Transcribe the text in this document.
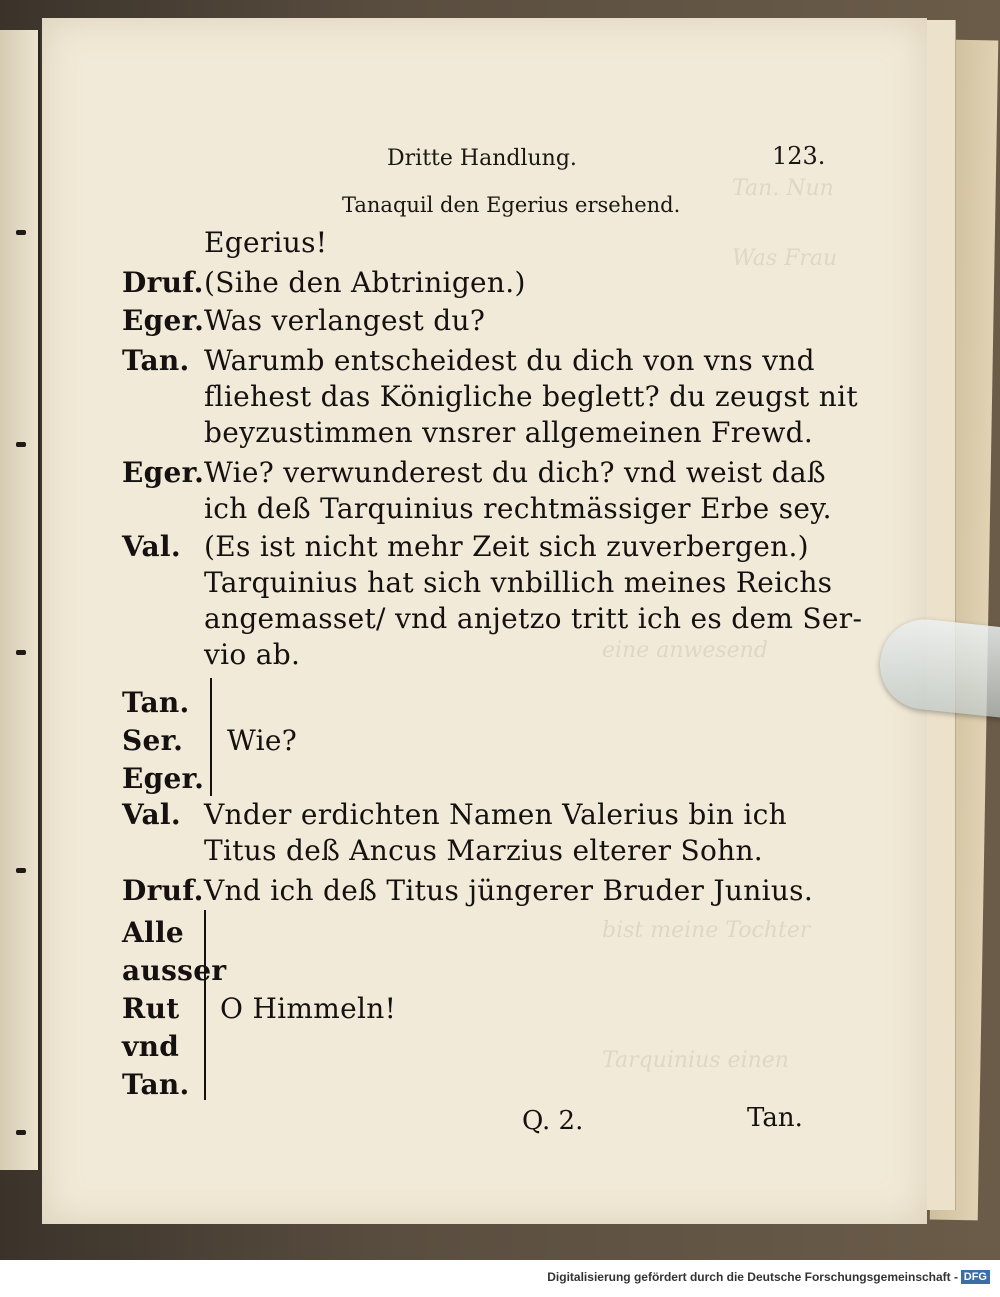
Tan. Nun
Was Frau
eine anwesend
bist meine Tochter
Tarquinius einen
Dritte Handlung.	123.
Tanaquil den Egerius ersehend.
Egerius!
Druf. (Sihe den Abtrinigen.)
Eger. Was verlangest du?
Tan. Warumb entscheidest du dich von vns vnd
fliehest das Königliche beglett? du zeugst nit
beyzustimmen vnsrer allgemeinen Frewd.
Eger. Wie? verwunderest du dich? vnd weist daß
ich deß Tarquinius rechtmässiger Erbe sey.
Val. (Es ist nicht mehr Zeit sich zuverbergen.)
Tarquinius hat sich vnbillich meines Reichs
angemasset/ vnd anjetzo tritt ich es dem Ser-
vio ab.
Tan.
Ser.
Eger.
Wie?
Val. Vnder erdichten Namen Valerius bin ich
Titus deß Ancus Marzius elterer Sohn.
Druf. Vnd ich deß Titus jüngerer Bruder Junius.
Alle
ausser
Rut
vnd
Tan.
O Himmeln!
Q. 2.	Tan.
Digitalisierung gefördert durch die Deutsche Forschungsgemeinschaft - DFG
